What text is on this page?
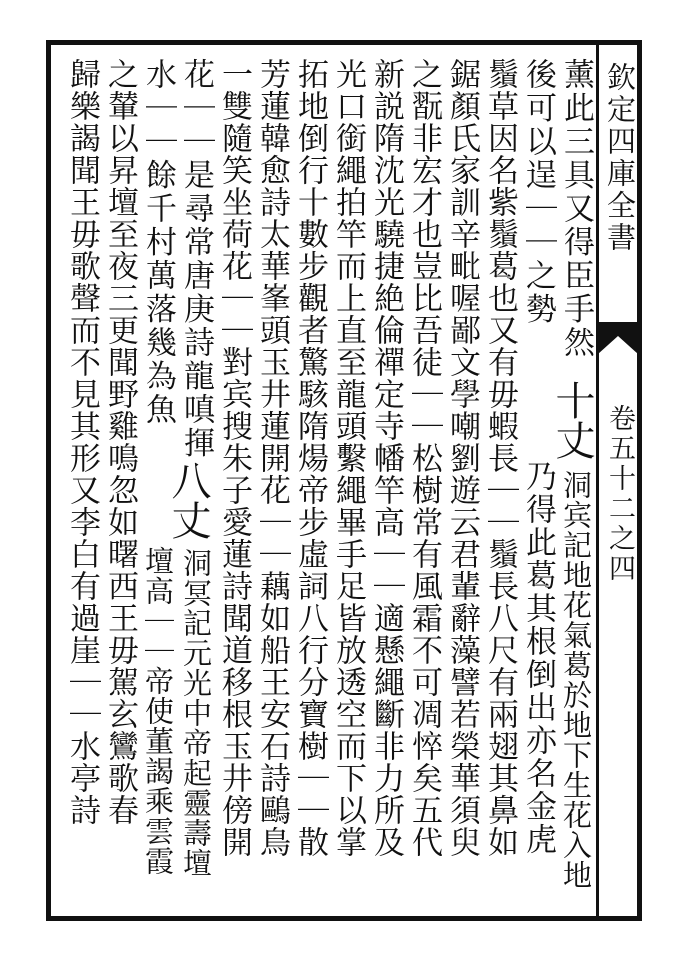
欽定四庫全書
卷五十二之四
薰此三具又得臣手然
十丈
洞宾記地花氣葛於地下生花入地
後可以逞｜｜之勢
乃得此葛其根倒出亦名金虎
鬚草因名紫鬚葛也又有毋蝦長｜｜鬚長八尺有兩翅其鼻如
鋸顏氏家訓辛毗喔鄙文學嘲劉遊云君輩辭藻譬若榮華須臾
之翫非宏才也豈比吾徒｜｜松樹常有風霜不可凋悴矣五代
新説隋沈光驍捷絶倫禪定寺幡竿高｜｜適懸繩斷非力所及
光口銜繩拍竿而上直至龍頭繫繩畢手足皆放透空而下以掌
拓地倒行十數步觀者驚駭隋煬帝步虛詞八行分寶樹｜｜散
芳蓮韓愈詩太華峯頭玉井蓮開花｜｜藕如船王安石詩鷗鳥
一雙隨笑坐荷花｜｜對宾搜朱子愛蓮詩聞道移根玉井傍開
花｜｜是尋常唐庚詩龍嗔揮
八丈
洞冥記元光中帝起靈壽壇
水｜｜餘千村萬落幾為魚
壇高｜｜帝使董謁乘雲霞
之輦以昇壇至夜三更聞野雞鳴忽如曙西王毋駕玄鸞歌春
歸樂謁聞王毋歌聲而不見其形又李白有過崖｜｜水亭詩
